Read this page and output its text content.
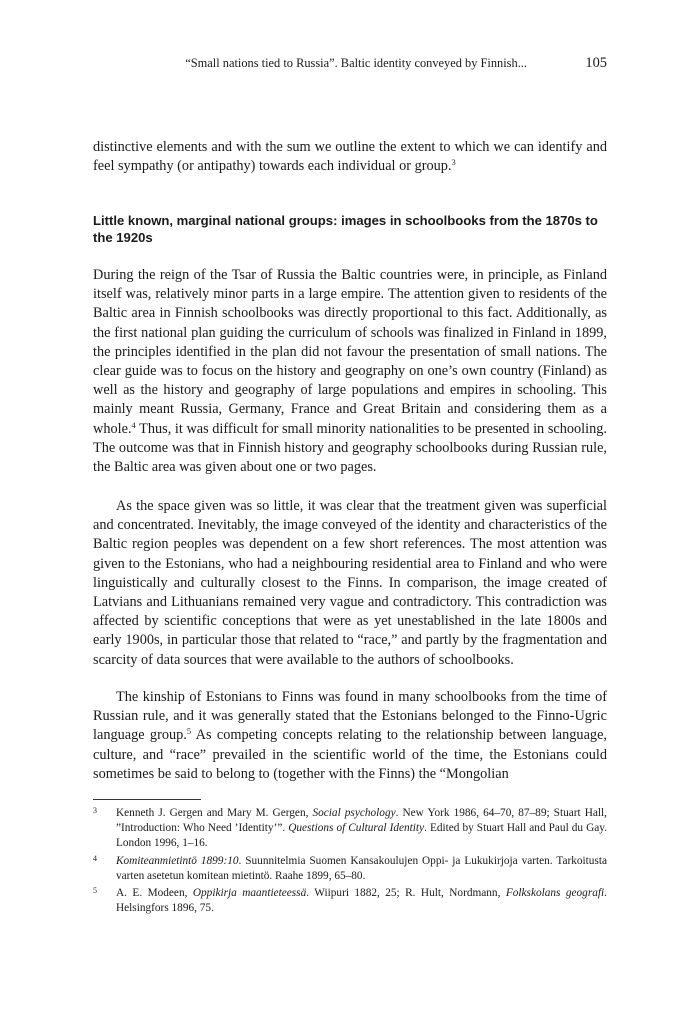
“Small nations tied to Russia”. Baltic identity conveyed by Finnish...	105

distinctive elements and with the sum we outline the extent to which we can identify and feel sympathy (or antipathy) towards each individual or group.$^3$

Little known, marginal national groups: images in schoolbooks from the 1870s to the 1920s

During the reign of the Tsar of Russia the Baltic countries were, in principle, as Finland itself was, relatively minor parts in a large empire. The attention given to residents of the Baltic area in Finnish schoolbooks was directly proportional to this fact. Additionally, as the first national plan guiding the curriculum of schools was finalized in Finland in 1899, the principles identified in the plan did not favour the presentation of small nations. The clear guide was to focus on the history and geography on one’s own country (Finland) as well as the history and geography of large populations and empires in schooling. This mainly meant Russia, Germany, France and Great Britain and considering them as a whole.$^4$ Thus, it was difficult for small minority nationalities to be presented in schooling. The outcome was that in Finnish history and geography schoolbooks during Russian rule, the Baltic area was given about one or two pages.

As the space given was so little, it was clear that the treatment given was superficial and concentrated. Inevitably, the image conveyed of the identity and characteristics of the Baltic region peoples was dependent on a few short references. The most attention was given to the Estonians, who had a neighbouring residential area to Finland and who were linguistically and culturally closest to the Finns. In comparison, the image created of Latvians and Lithuanians remained very vague and contradictory. This contradiction was affected by scientific conceptions that were as yet unestablished in the late 1800s and early 1900s, in particular those that related to “race,” and partly by the fragmentation and scarcity of data sources that were available to the authors of schoolbooks.

The kinship of Estonians to Finns was found in many schoolbooks from the time of Russian rule, and it was generally stated that the Estonians belonged to the Finno-Ugric language group.$^5$ As competing concepts relating to the relationship between language, culture, and “race” prevailed in the scientific world of the time, the Estonians could sometimes be said to belong to (together with the Finns) the “Mongolian

3 Kenneth J. Gergen and Mary M. Gergen, Social psychology. New York 1986, 64–70, 87–89; Stuart Hall, ”Introduction: Who Need ’Identity’”. Questions of Cultural Identity. Edited by Stuart Hall and Paul du Gay. London 1996, 1–16.
4 Komiteanmietintö 1899:10. Suunnitelmia Suomen Kansakoulujen Oppi- ja Lukukirjoja varten. Tarkoitusta varten asetetun komitean mietintö. Raahe 1899, 65–80.
5 A. E. Modeen, Oppikirja maantieteessä. Wiipuri 1882, 25; R. Hult, Nordmann, Folkskolans geografi. Helsingfors 1896, 75.
